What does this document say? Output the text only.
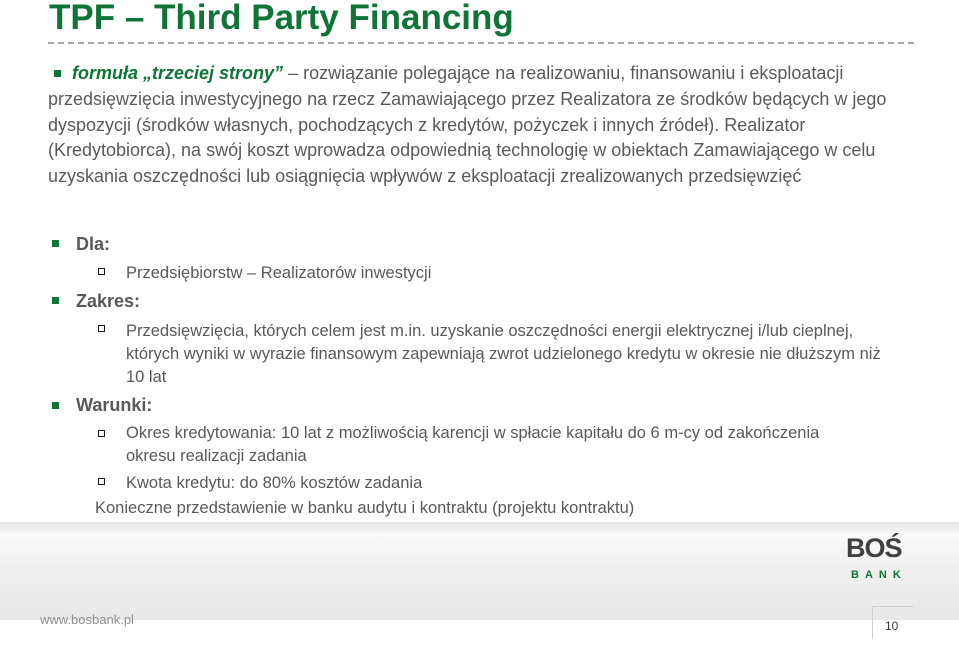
TPF – Third Party Financing
formuła „trzeciej strony” – rozwiązanie polegające na realizowaniu, finansowaniu i eksploatacji przedsięwzięcia inwestycyjnego na rzecz Zamawiającego przez Realizatora ze środków będących w jego dyspozycji (środków własnych, pochodzących z kredytów, pożyczek i innych źródeł). Realizator (Kredytobiorca), na swój koszt wprowadza odpowiednią technologię w obiektach Zamawiającego w celu uzyskania oszczędności lub osiągnięcia wpływów z eksploatacji zrealizowanych przedsięwzięć
Dla:
Przedsiębiorstw – Realizatorów inwestycji
Zakres:
Przedsięwzięcia, których celem jest m.in. uzyskanie oszczędności energii elektrycznej i/lub cieplnej, których wyniki w wyrazie finansowym zapewniają zwrot udzielonego kredytu w okresie nie dłuższym niż 10 lat
Warunki:
Okres kredytowania: 10 lat z możliwością karencji w spłacie kapitału do 6 m-cy od zakończenia okresu realizacji zadania
Kwota kredytu: do 80% kosztów zadania
Konieczne przedstawienie w banku audytu i kontraktu (projektu kontraktu)
BOŚ
BANK
www.bosbank.pl	10
